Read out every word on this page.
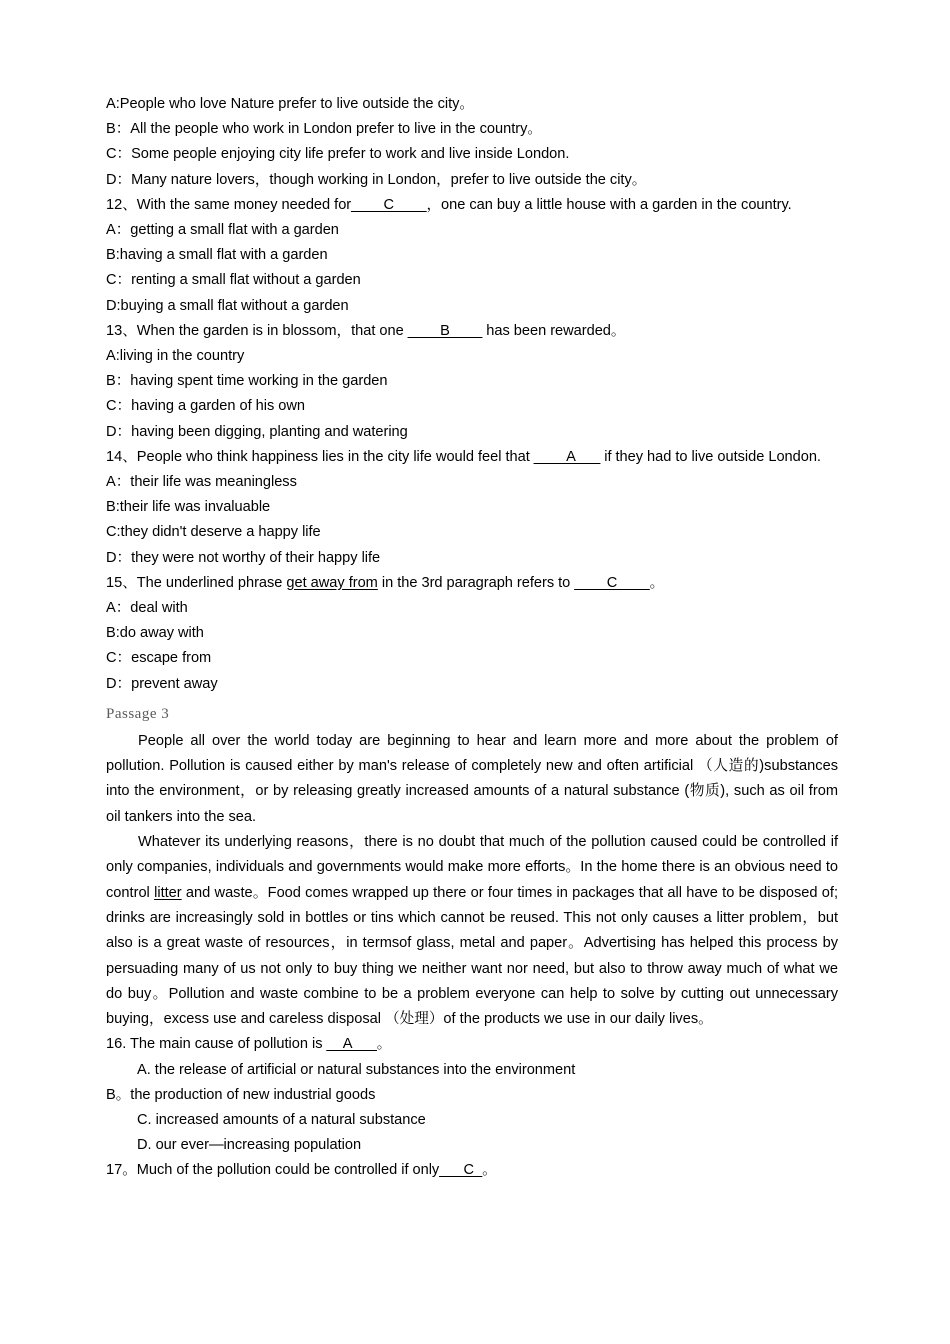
A:People who love Nature prefer to live outside the city。
B：All the people who work in London prefer to live in the country。
C：Some people enjoying city life prefer to work and live inside London.
D：Many nature lovers，though working in London，prefer to live outside the city。
12、With the same money needed for____C____，one can buy a little house with a garden in the country.
A：getting a small flat with a garden
B:having a small flat with a garden
C：renting a small flat without a garden
D:buying a small flat without a garden
13、When the garden is in blossom，that one ____B____ has been rewarded。
A:living in the country
B：having spent time working in the garden
C：having a garden of his own
D：having been digging, planting and watering
14、People who think happiness lies in the city life would feel that ____A___ if they had to live outside London.
A：their life was meaningless
B:their life was invaluable
C:they didn't deserve a happy life
D：they were not worthy of their happy life
15、The underlined phrase get away from in the 3rd paragraph refers to ____C____。
A：deal with
B:do away with
C：escape from
D：prevent away
Passage 3

People all over the world today are beginning to hear and learn more and more about the problem of pollution. Pollution is caused either by man's release of completely new and often artificial （人造的)substances into the environment，or by releasing greatly increased amounts of a natural substance (物质), such as oil from oil tankers into the sea.

Whatever its underlying reasons，there is no doubt that much of the pollution caused could be controlled if only companies, individuals and governments would make more efforts。In the home there is an obvious need to control litter and waste。Food comes wrapped up there or four times in packages that all have to be disposed of; drinks are increasingly sold in bottles or tins which cannot be reused. This not only causes a litter problem，but also is a great waste of resources，in termsof glass, metal and paper。Advertising has helped this process by persuading many of us not only to buy thing we neither want nor need, but also to throw away much of what we do buy。Pollution and waste combine to be a problem everyone can help to solve by cutting out unnecessary buying，excess use and careless disposal （处理）of the products we use in our daily lives。

16. The main cause of pollution is __A___。
A. the release of artificial or natural substances into the environment
B。the production of new industrial goods
C. increased amounts of a natural substance
D. our ever—increasing population
17。Much of the pollution could be controlled if only___C_。
